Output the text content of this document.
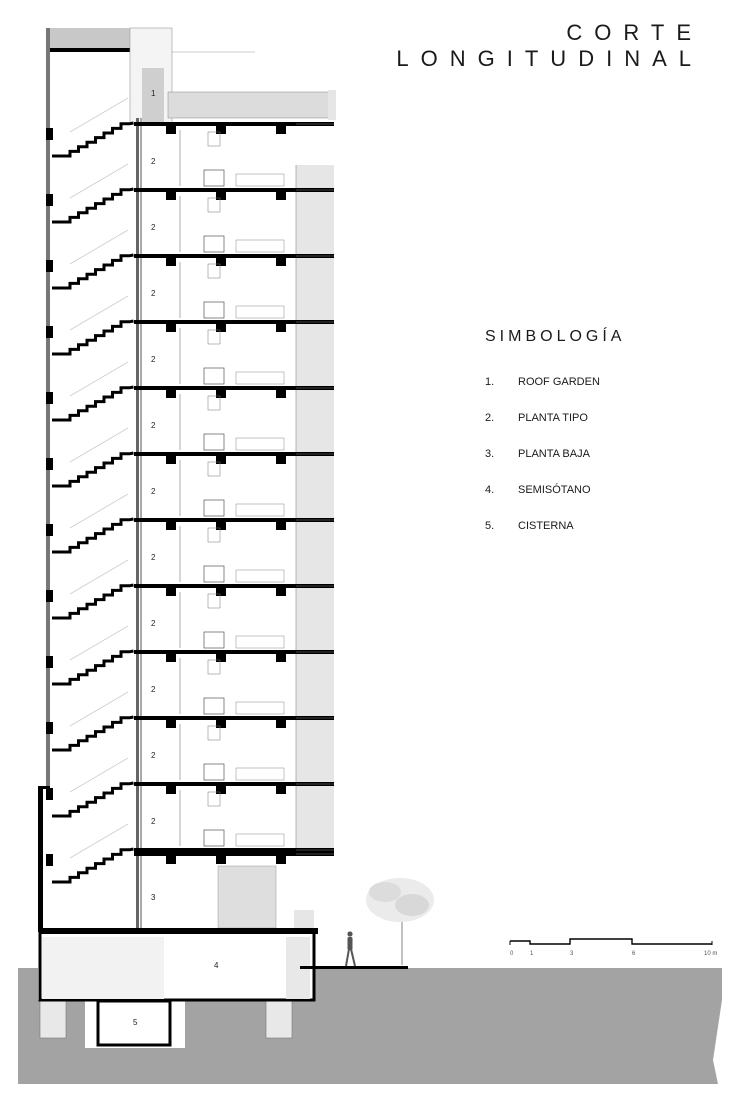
0	1	3	6	10 m
1
3
4
5
2
2
2
2
2
2
2
2
2
2
2
CORTE
LONGITUDINAL
SIMBOLOGÍA
1.	ROOF GARDEN
2.	PLANTA TIPO
3.	PLANTA BAJA
4.	SEMISÓTANO
5.	CISTERNA
